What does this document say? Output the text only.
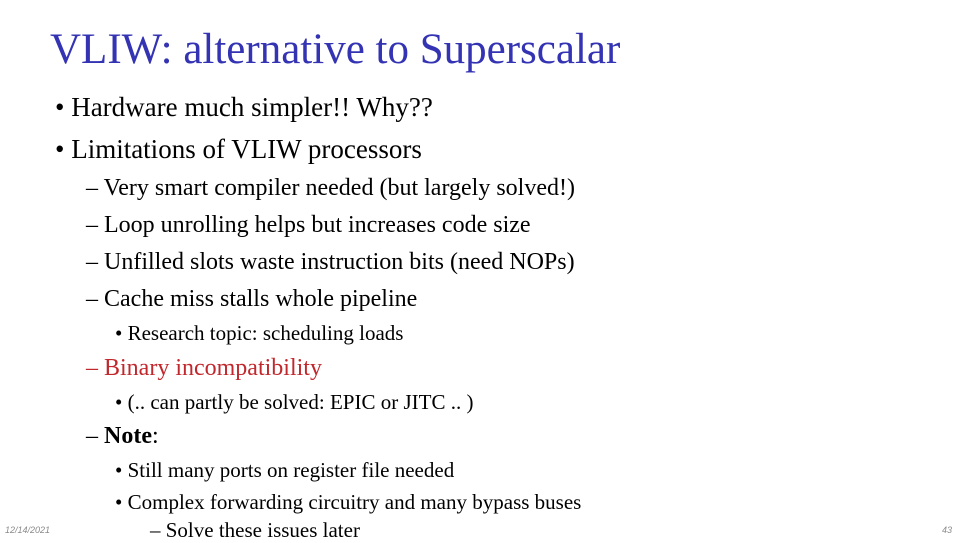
VLIW: alternative to Superscalar
• Hardware much simpler!! Why??
• Limitations of VLIW processors
– Very smart compiler needed (but largely solved!)
– Loop unrolling helps but increases code size
– Unfilled slots waste instruction bits (need NOPs)
– Cache miss stalls whole pipeline
• Research topic: scheduling loads
– Binary incompatibility
• (.. can partly be solved: EPIC or JITC .. )
– Note:
• Still many ports on register file needed
• Complex forwarding circuitry and many bypass buses
– Solve these issues later
12/14/2021	43
